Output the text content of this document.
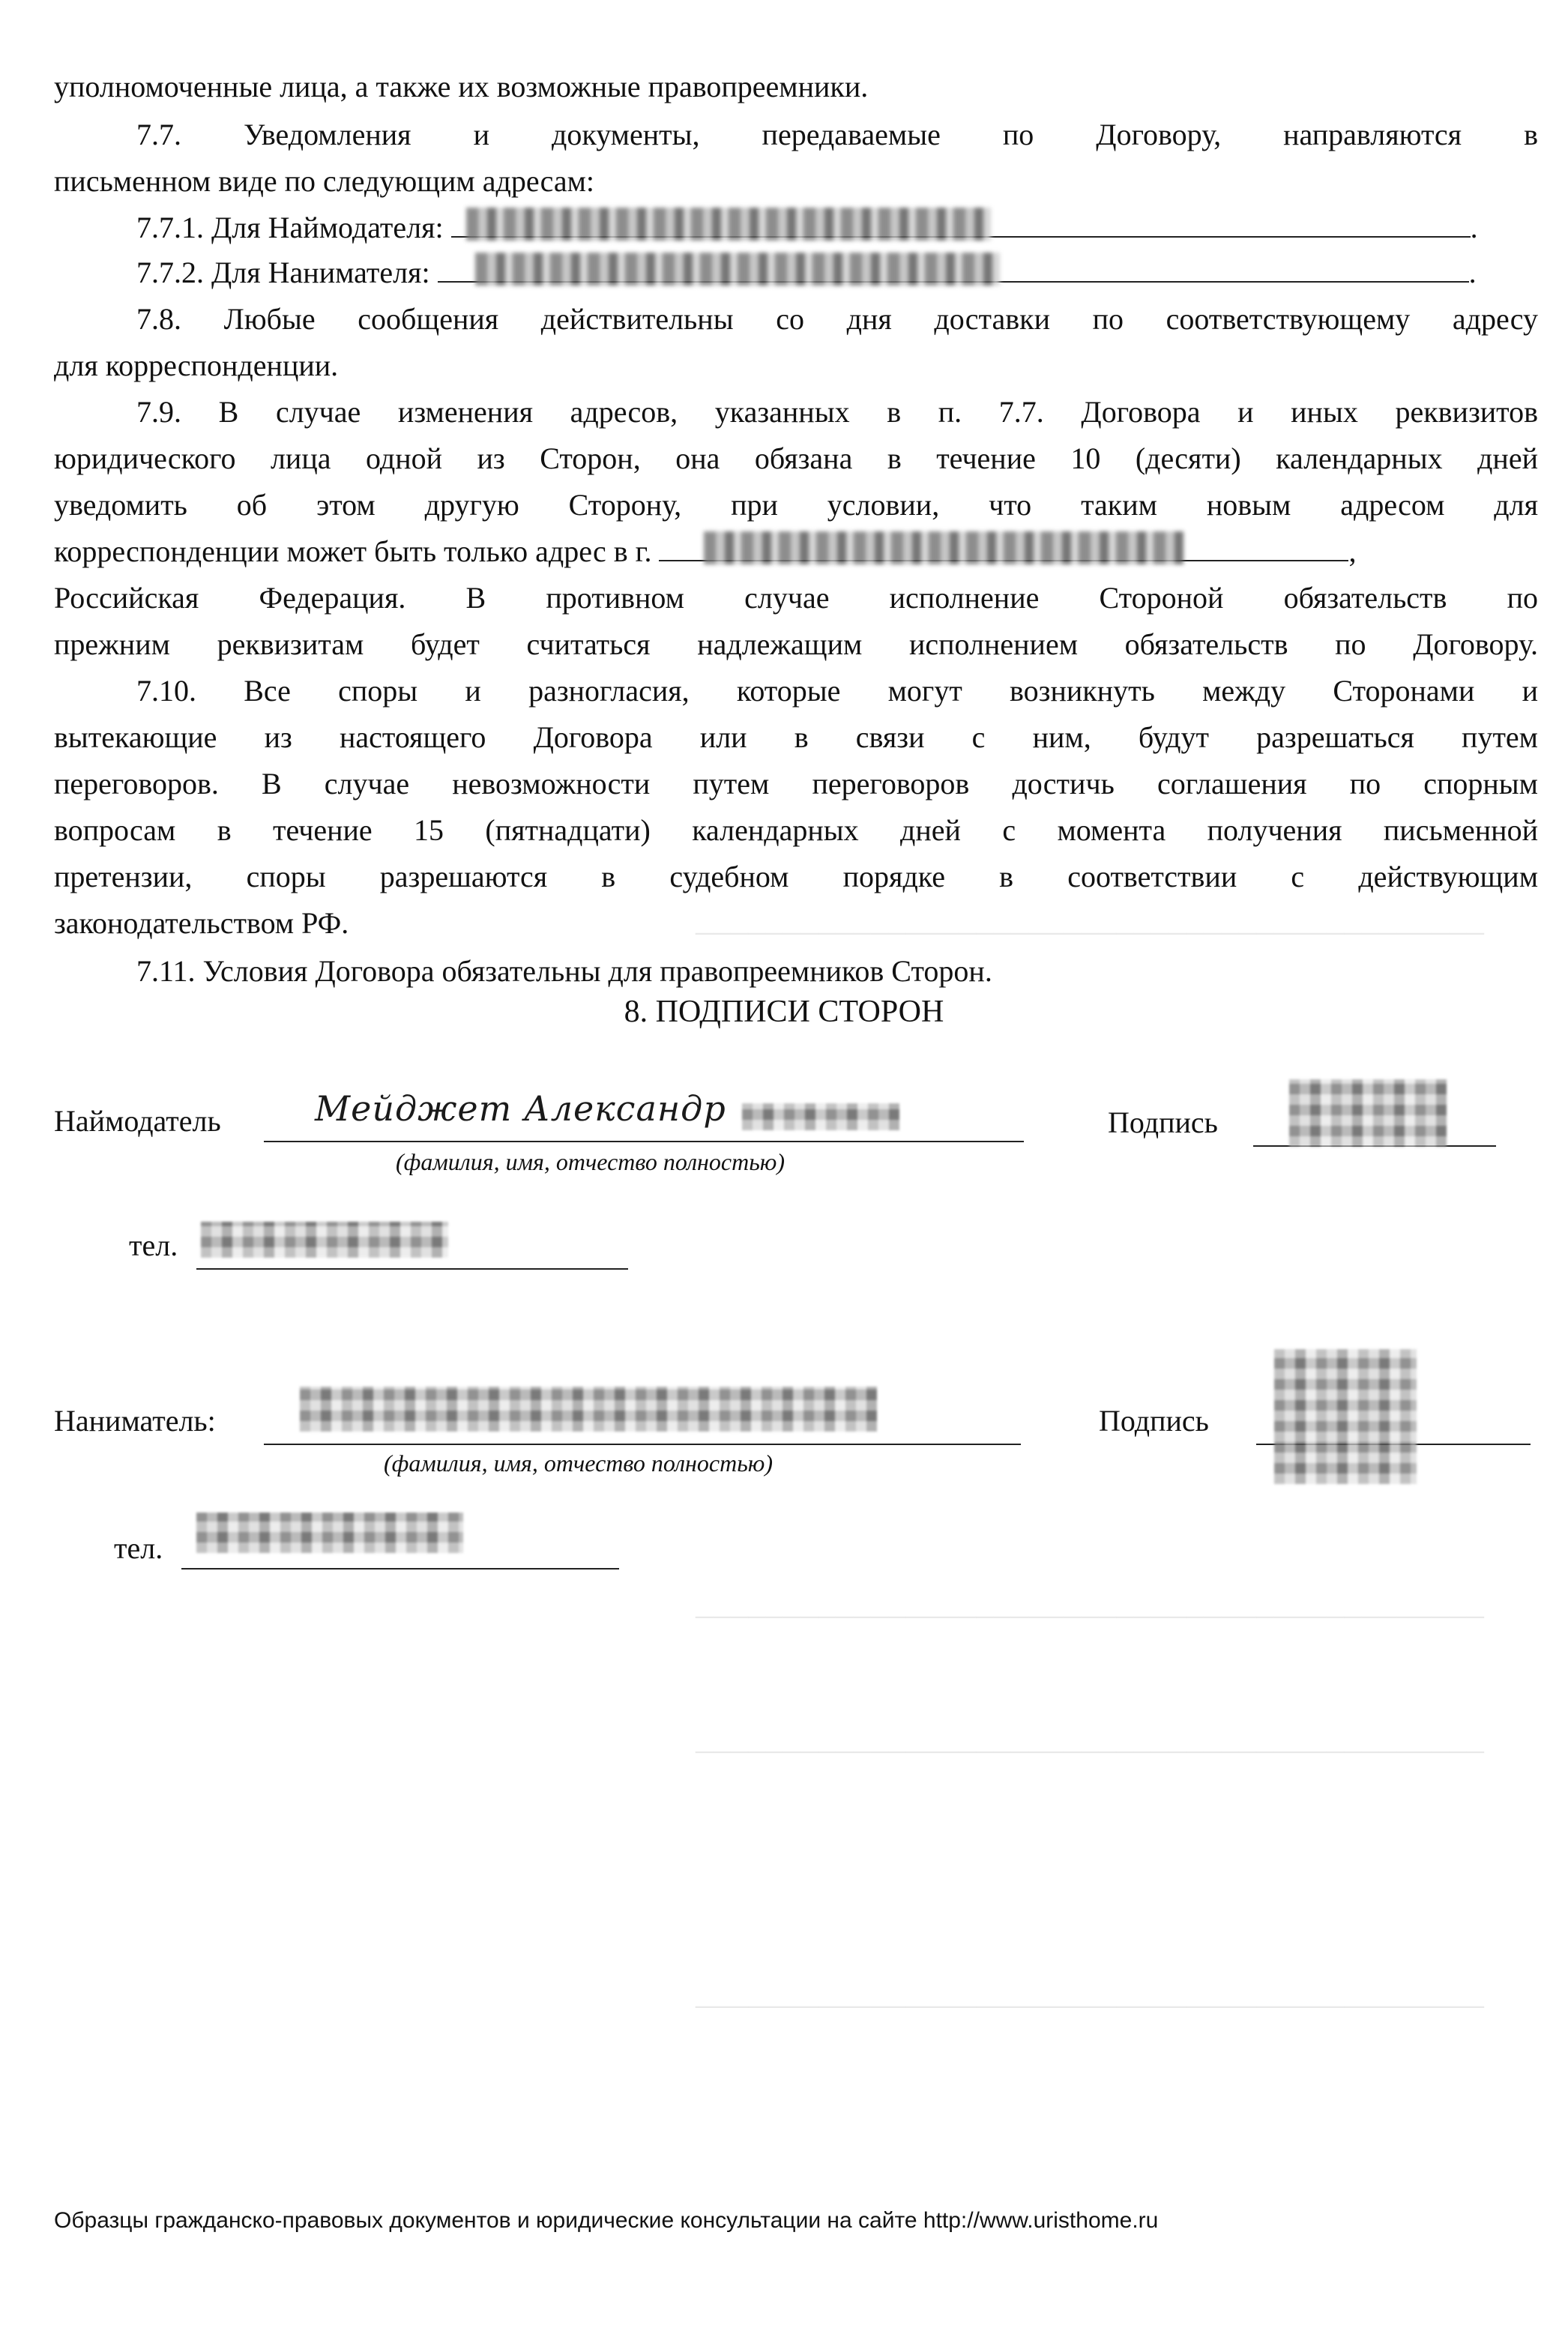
─────────────────────────────────────────────
─────────────────────────────────────────────
─────────────────────────────────────────────
─────────────────────────────────────────────
уполномоченные лица, а также их возможные правопреемники.
7.7. Уведомления и документы, передаваемые по Договору, направляются в
письменном виде по следующим адресам:
7.7.1. Для Наймодателя:	.
7.7.2. Для Нанимателя:	.
7.8. Любые сообщения действительны со дня доставки по соответствующему адресу
для корреспонденции.
7.9. В случае изменения адресов, указанных в п. 7.7. Договора и иных реквизитов
юридического лица одной из Сторон, она обязана в течение 10 (десяти) календарных дней
уведомить об этом другую Сторону, при условии, что таким новым адресом для
корреспонденции может быть только адрес в г.	,
Российская Федерация. В противном случае исполнение Стороной обязательств по
прежним реквизитам будет считаться надлежащим исполнением обязательств по Договору.
7.10. Все споры и разногласия, которые могут возникнуть между Сторонами и
вытекающие из настоящего Договора или в связи с ним, будут разрешаться путем
переговоров. В случае невозможности путем переговоров достичь соглашения по спорным
вопросам в течение 15 (пятнадцати) календарных дней с момента получения письменной
претензии, споры разрешаются в судебном порядке в соответствии с действующим
законодательством РФ.
7.11. Условия Договора обязательны для правопреемников Сторон.
8. ПОДПИСИ СТОРОН
Наймодатель	Мейджет Александр
(фамилия, имя, отчество полностью)
Подпись
тел.
Наниматель:
(фамилия, имя, отчество полностью)
Подпись
тел.
Образцы гражданско-правовых документов и юридические консультации на сайте http://www.uristhome.ru
